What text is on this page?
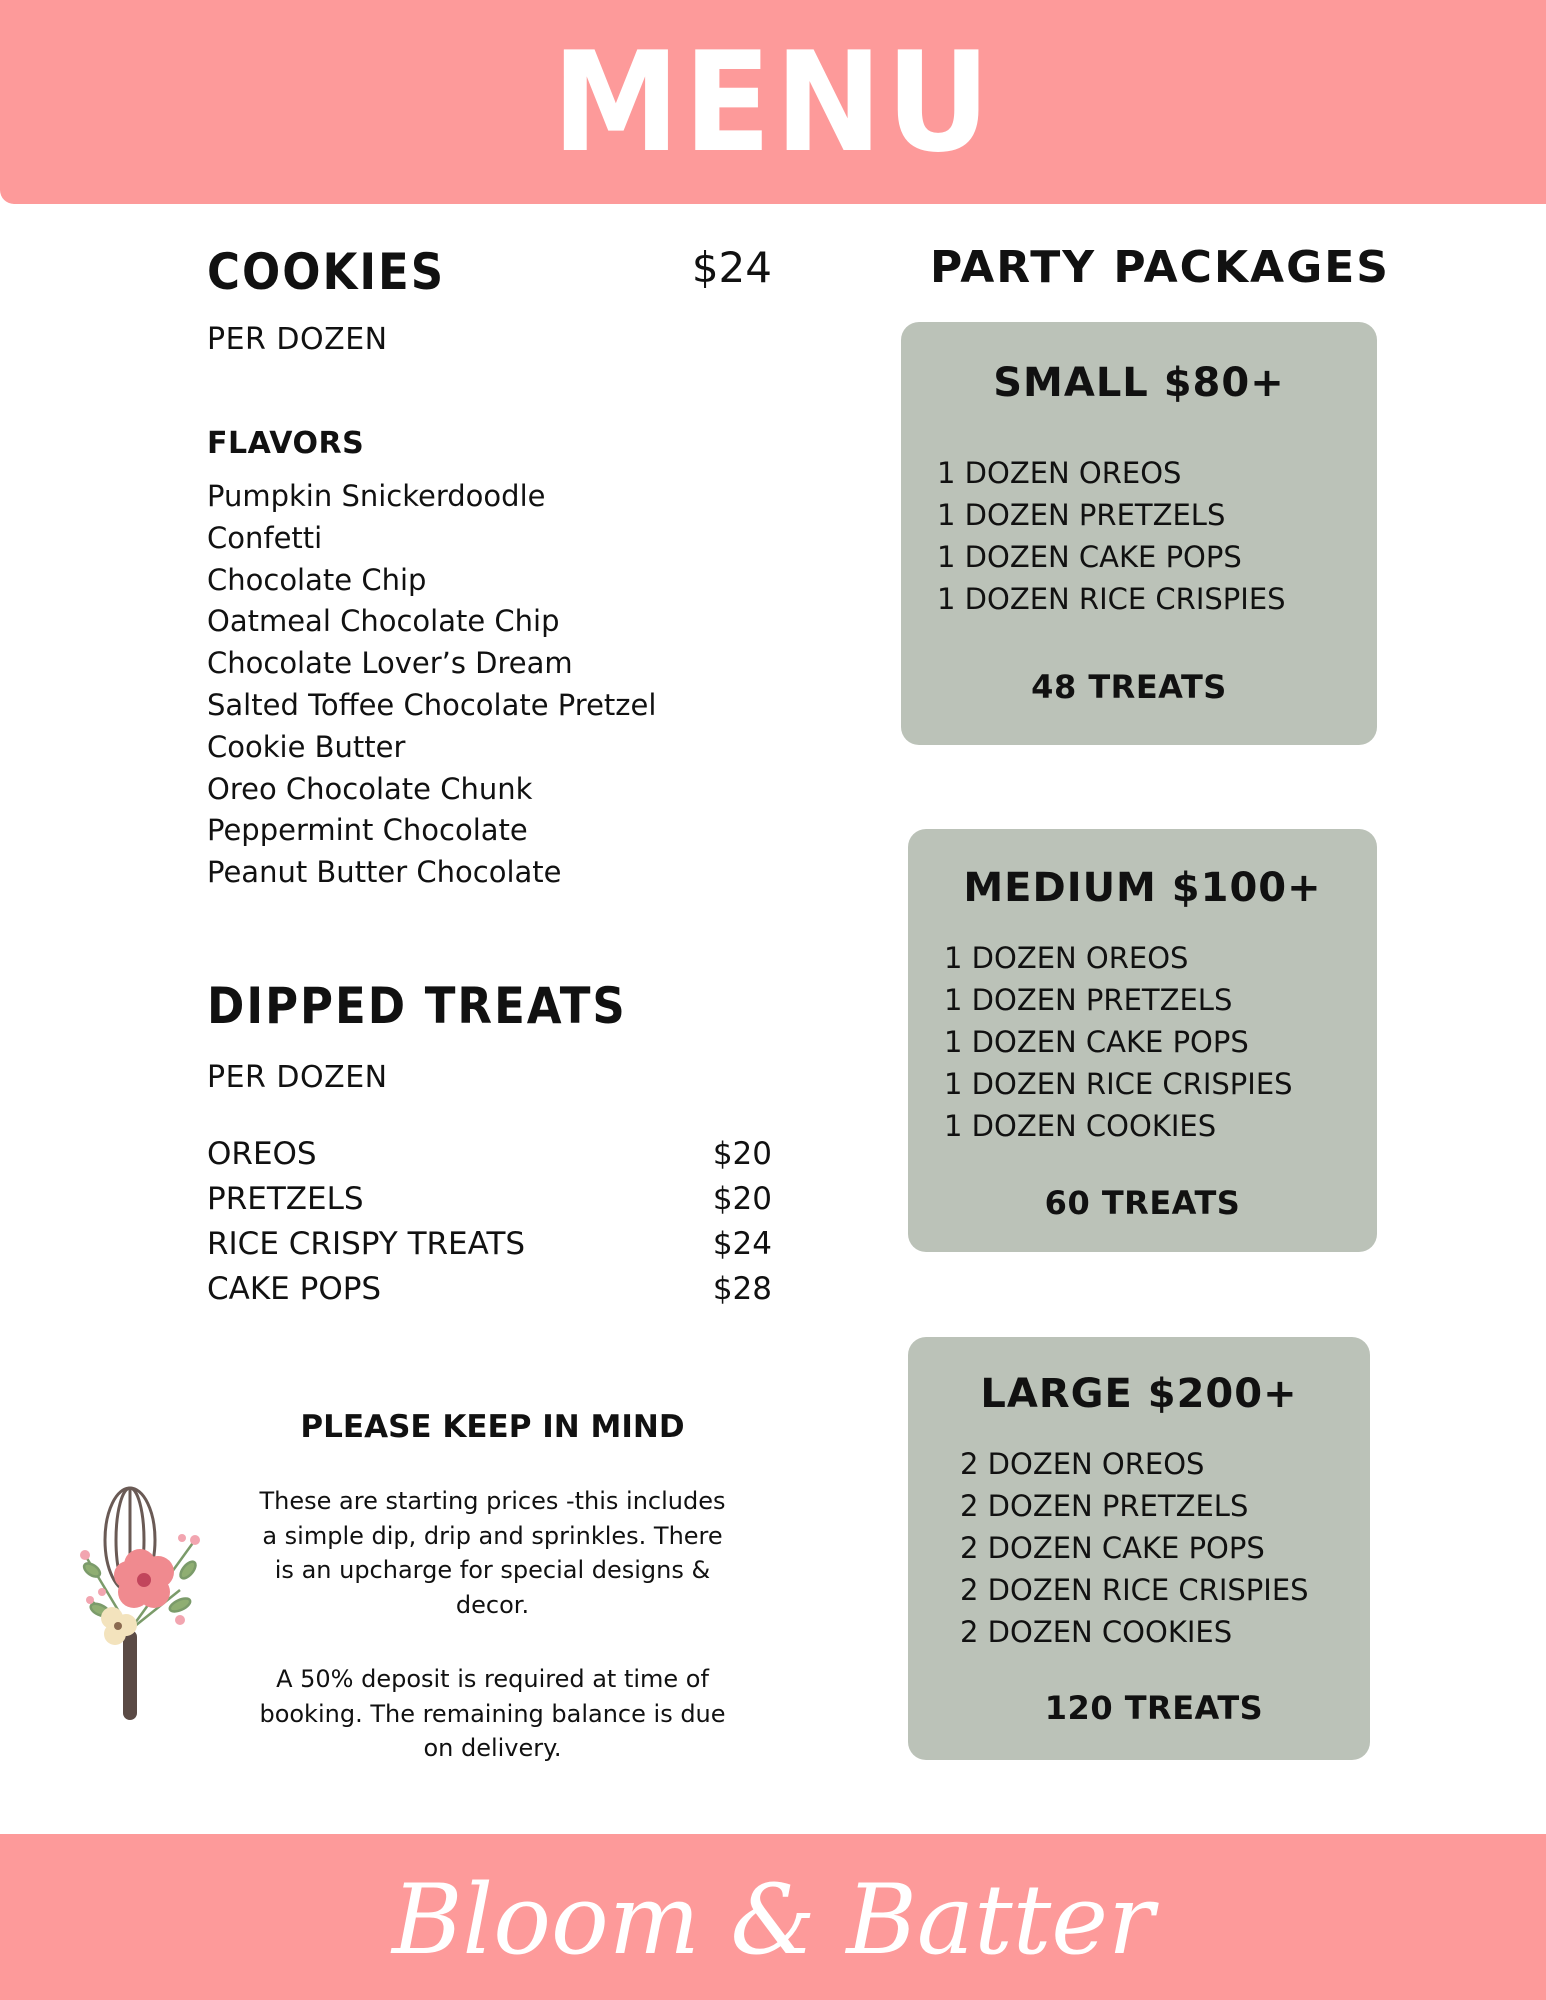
MENU
COOKIES	$24
PER DOZEN
FLAVORS
Pumpkin Snickerdoodle
Confetti
Chocolate Chip
Oatmeal Chocolate Chip
Chocolate Lover’s Dream
Salted Toffee Chocolate Pretzel
Cookie Butter
Oreo Chocolate Chunk
Peppermint Chocolate
Peanut Butter Chocolate
DIPPED TREATS
PER DOZEN
OREOS	$20
PRETZELS	$20
RICE CRISPY TREATS	$24
CAKE POPS	$28
PLEASE KEEP IN MIND
These are starting prices -this includes a simple dip, drip and sprinkles. There is an upcharge for special designs & decor.
A 50% deposit is required at time of booking. The remaining balance is due on delivery.
PARTY PACKAGES
SMALL $80+
1 DOZEN OREOS
1 DOZEN PRETZELS
1 DOZEN CAKE POPS
1 DOZEN RICE CRISPIES
48 TREATS
MEDIUM $100+
1 DOZEN OREOS
1 DOZEN PRETZELS
1 DOZEN CAKE POPS
1 DOZEN RICE CRISPIES
1 DOZEN COOKIES
60 TREATS
LARGE $200+
2 DOZEN OREOS
2 DOZEN PRETZELS
2 DOZEN CAKE POPS
2 DOZEN RICE CRISPIES
2 DOZEN COOKIES
120 TREATS
Bloom & Batter
